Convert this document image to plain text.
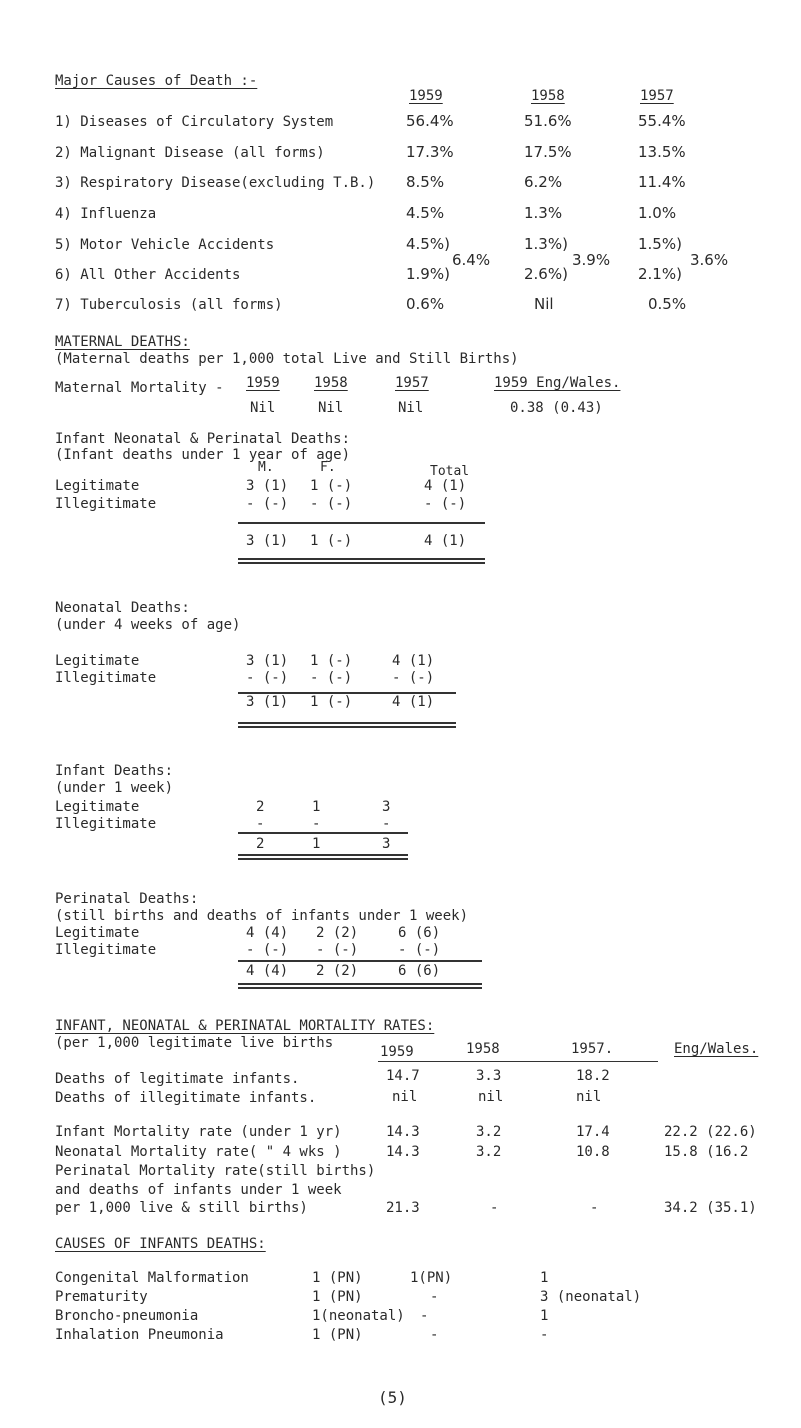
Major Causes of Death :-
1959	1958	1957
1) Diseases of Circulatory System	56.4%	51.6%	55.4%
2) Malignant Disease (all forms)	17.3%	17.5%	13.5%
3) Respiratory Disease(excluding T.B.) 8.5%	6.2%	11.4%
4) Influenza	4.5%	1.3%	1.0%
5) Motor Vehicle Accidents	4.5%)	1.3%)	1.5%)
6) All Other Accidents	1.9%)	2.6%)	2.1%)
6.4%	3.9%	3.6%
7) Tuberculosis (all forms)	0.6%	Nil	0.5%
MATERNAL DEATHS:
(Maternal deaths per 1,000 total Live and Still Births)
Maternal Mortality - 1959 1958	1957	1959 Eng/Wales.
Nil	Nil	Nil	0.38 (0.43)
Infant Neonatal & Perinatal Deaths:
(Infant deaths under 1 year of age)
M.	F.	Total
Legitimate	3 (1) 1 (-)	4 (1)
Illegitimate	- (-) - (-)	- (-)
3 (1) 1 (-)	4 (1)
Neonatal Deaths:
(under 4 weeks of age)
Legitimate	3 (1) 1 (-)	4 (1)
Illegitimate	- (-) - (-)	- (-)
3 (1) 1 (-)	4 (1)
Infant Deaths:
(under 1 week)
Legitimate	2	1	3
Illegitimate	-	-	-
2	1	3
Perinatal Deaths:
(still births and deaths of infants under 1 week)
Legitimate	4 (4) 2 (2)	6 (6)
Illegitimate	- (-) - (-)	- (-)
4 (4) 2 (2)	6 (6)
INFANT, NEONATAL & PERINATAL MORTALITY RATES:
(per 1,000 legitimate live births
1959	1958	1957.	Eng/Wales.
Deaths of legitimate infants.	14.7	3.3	18.2
Deaths of illegitimate infants.	nil	nil	nil
Infant Mortality rate (under 1 yr)	14.3	3.2	17.4	22.2 (22.6)
Neonatal Mortality rate( " 4 wks )	14.3	3.2	10.8	15.8 (16.2
Perinatal Mortality rate(still births)
and deaths of infants under 1 week
per 1,000 live & still births)	21.3	-	-	34.2 (35.1)
CAUSES OF INFANTS DEATHS:
Congenital Malformation	1 (PN)	1(PN)	1
Prematurity	1 (PN)	-	3 (neonatal)
Broncho-pneumonia	1(neonatal) -	1
Inhalation Pneumonia	1 (PN)	-	-
(5)
